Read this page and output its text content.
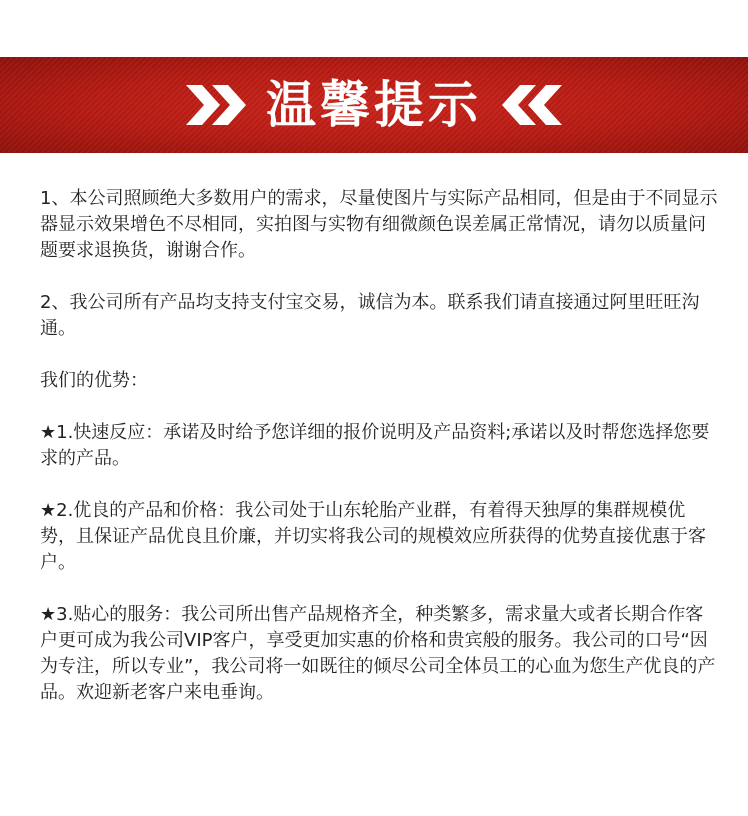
温馨提示

1、本公司照顾绝大多数用户的需求，尽量使图片与实际产品相同，但是由于不同显示器显示效果增色不尽相同，实拍图与实物有细微颜色误差属正常情况，请勿以质量问题要求退换货，谢谢合作。

2、我公司所有产品均支持支付宝交易，诚信为本。联系我们请直接通过阿里旺旺沟通。

我们的优势：

★1.快速反应：承诺及时给予您详细的报价说明及产品资料;承诺以及时帮您选择您要求的产品。

★2.优良的产品和价格：我公司处于山东轮胎产业群，有着得天独厚的集群规模优势，且保证产品优良且价廉，并切实将我公司的规模效应所获得的优势直接优惠于客户。

★3.贴心的服务：我公司所出售产品规格齐全，种类繁多，需求量大或者长期合作客户更可成为我公司VIP客户，享受更加实惠的价格和贵宾般的服务。我公司的口号“因为专注，所以专业”，我公司将一如既往的倾尽公司全体员工的心血为您生产优良的产品。欢迎新老客户来电垂询。
